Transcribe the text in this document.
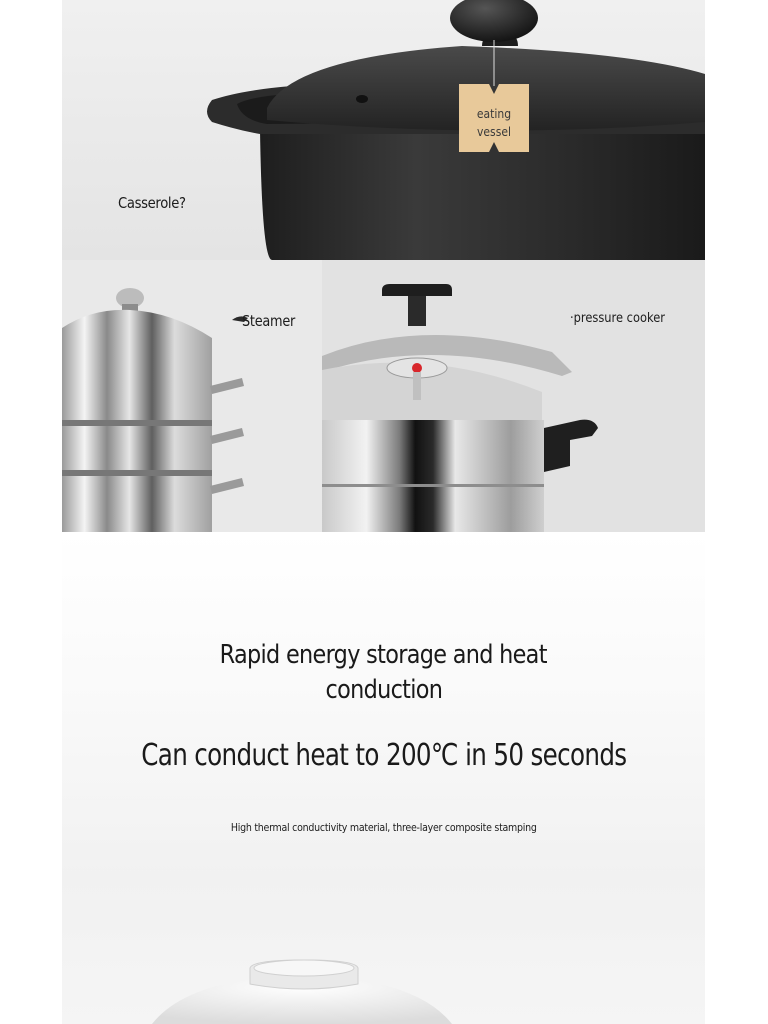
eating
vessel
Casserole?
Steamer	·pressure cooker
Rapid energy storage and heat
conduction
Can conduct heat to 200℃ in 50 seconds
High thermal conductivity material, three-layer composite stamping
